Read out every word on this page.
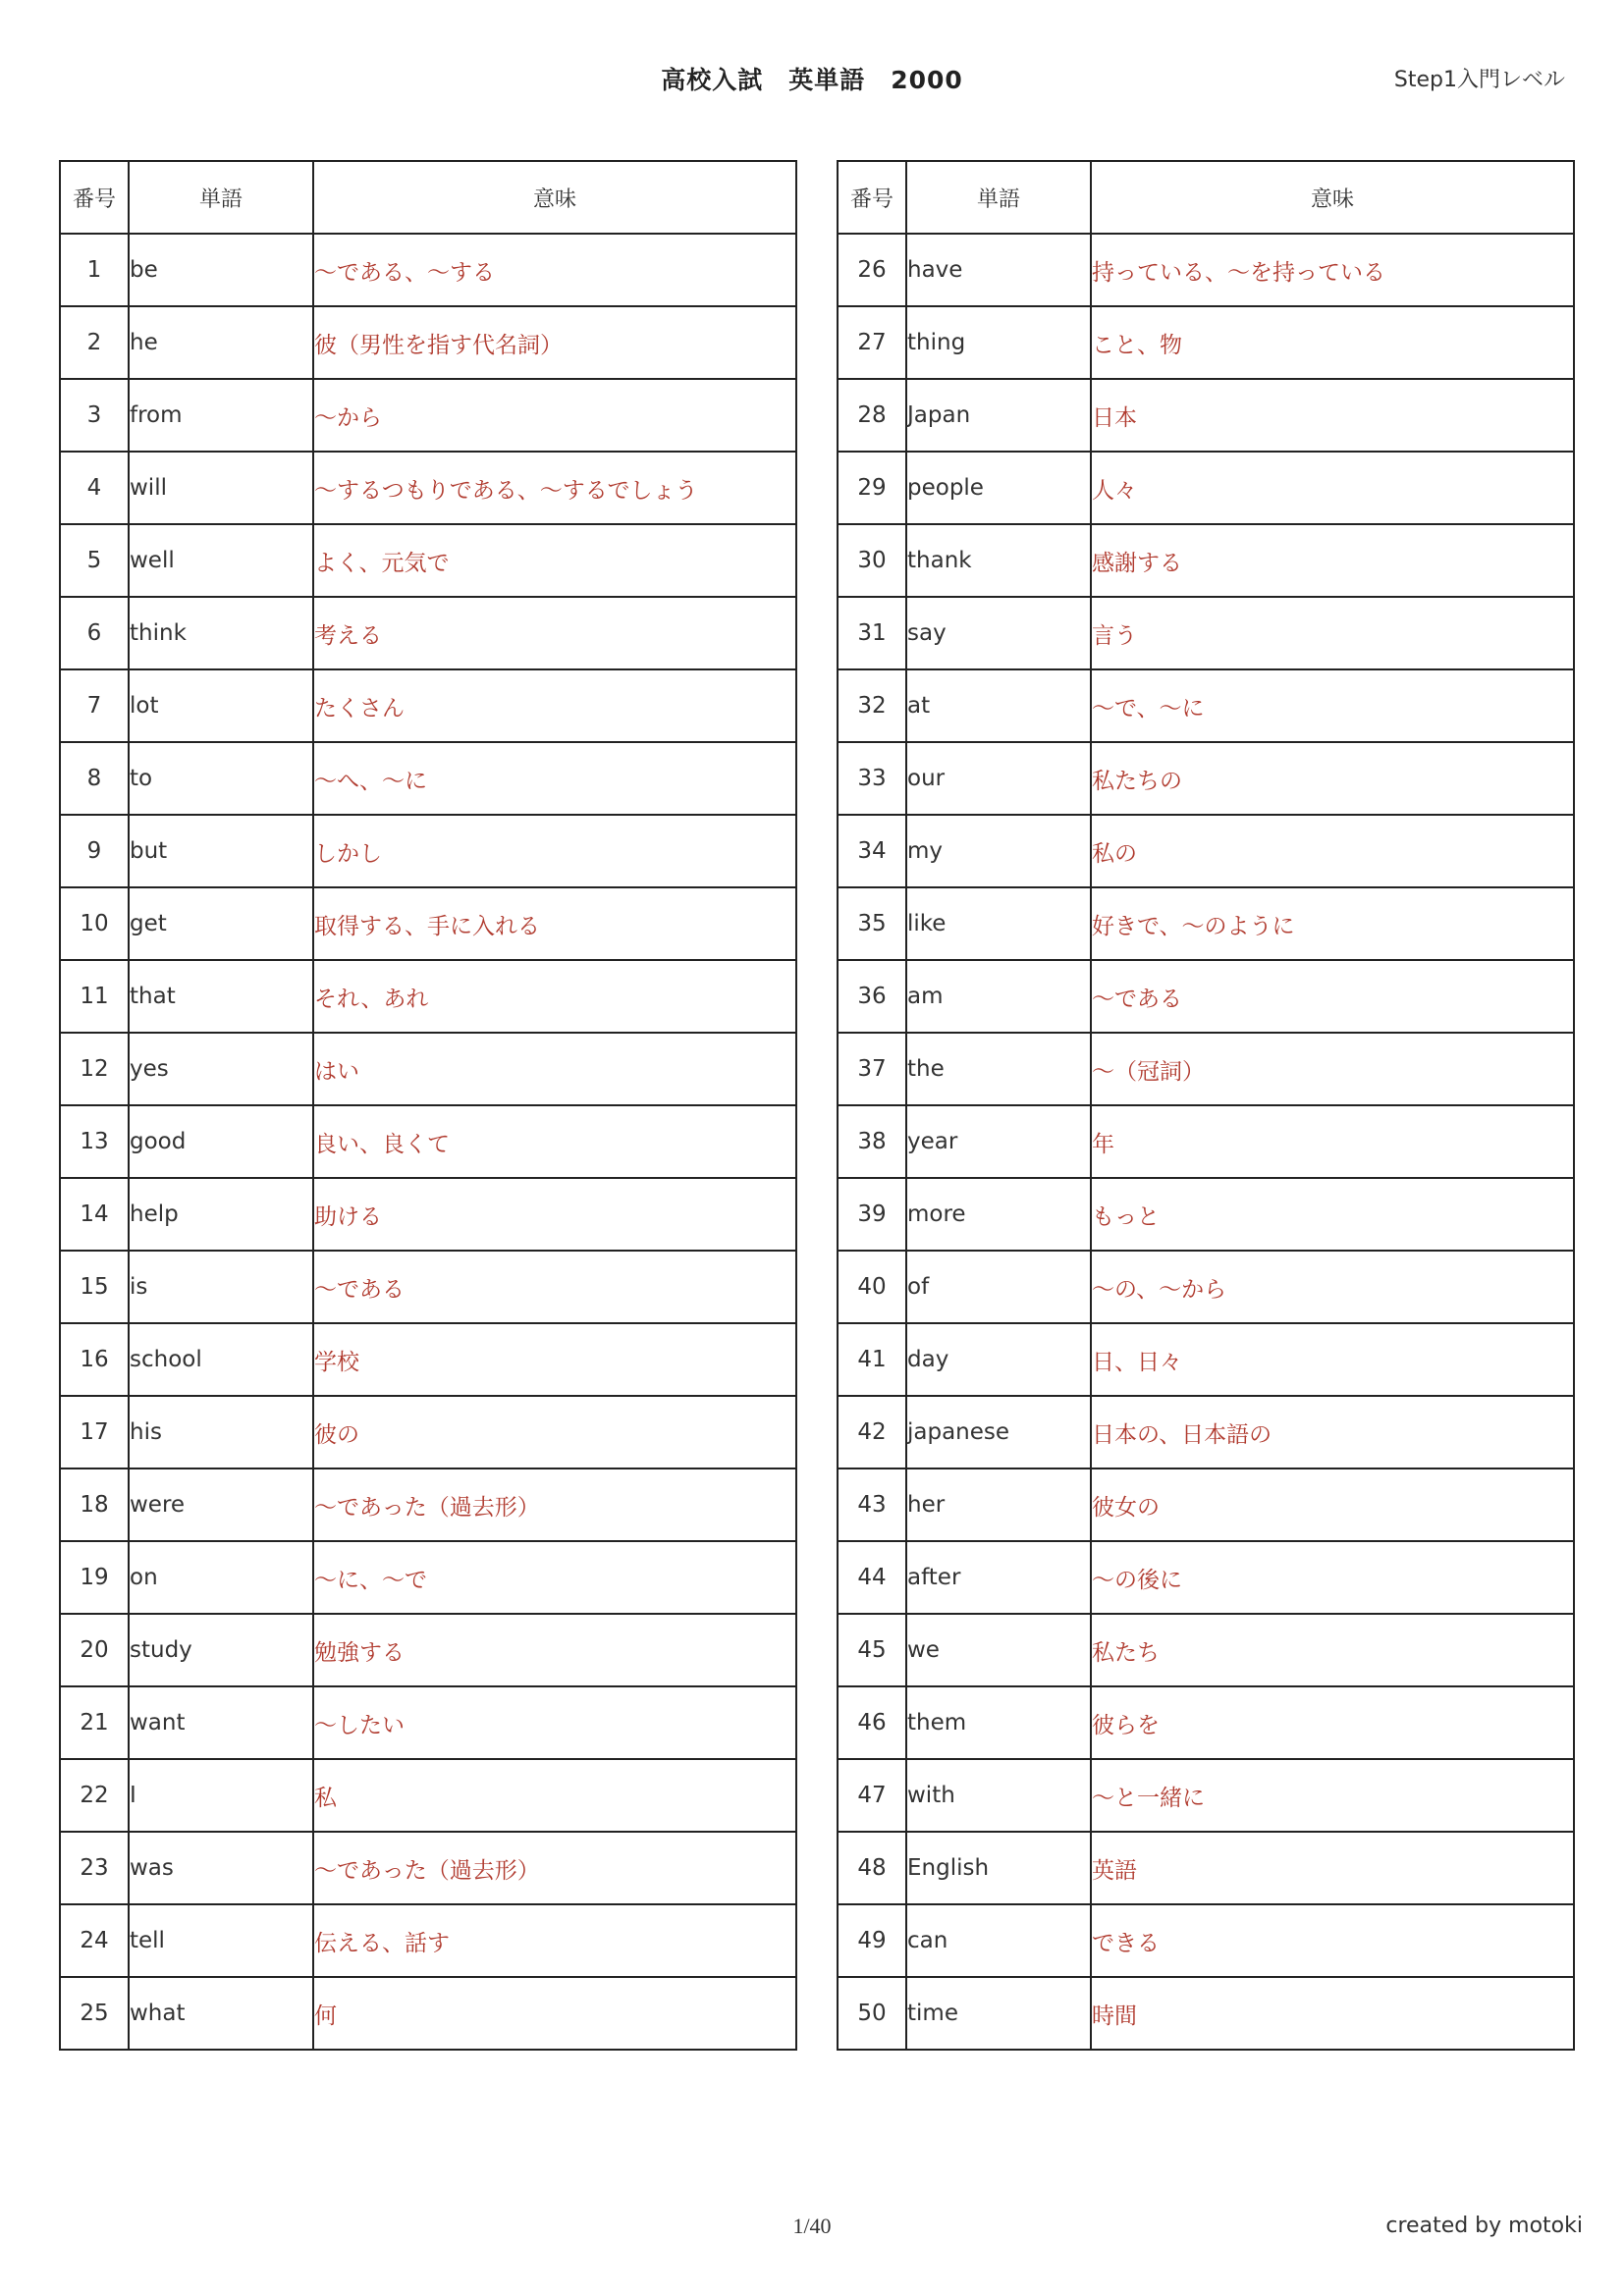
高校入試　英単語　2000	Step1入門レベル
番号	単語	意味
1	be	～である、～する
2	he	彼（男性を指す代名詞）
3	from	～から
4	will	～するつもりである、～するでしょう
5	well	よく、元気で
6	think	考える
7	lot	たくさん
8	to	～へ、～に
9	but	しかし
10	get	取得する、手に入れる
11	that	それ、あれ
12	yes	はい
13	good	良い、良くて
14	help	助ける
15	is	～である
16	school	学校
17	his	彼の
18	were	～であった（過去形）
19	on	～に、～で
20	study	勉強する
21	want	～したい
22	I	私
23	was	～であった（過去形）
24	tell	伝える、話す
25	what	何
番号	単語	意味
26	have	持っている、～を持っている
27	thing	こと、物
28	Japan	日本
29	people	人々
30	thank	感謝する
31	say	言う
32	at	～で、～に
33	our	私たちの
34	my	私の
35	like	好きで、～のように
36	am	～である
37	the	～（冠詞）
38	year	年
39	more	もっと
40	of	～の、～から
41	day	日、日々
42	japanese	日本の、日本語の
43	her	彼女の
44	after	～の後に
45	we	私たち
46	them	彼らを
47	with	～と一緒に
48	English	英語
49	can	できる
50	time	時間
1/40	created by motoki
